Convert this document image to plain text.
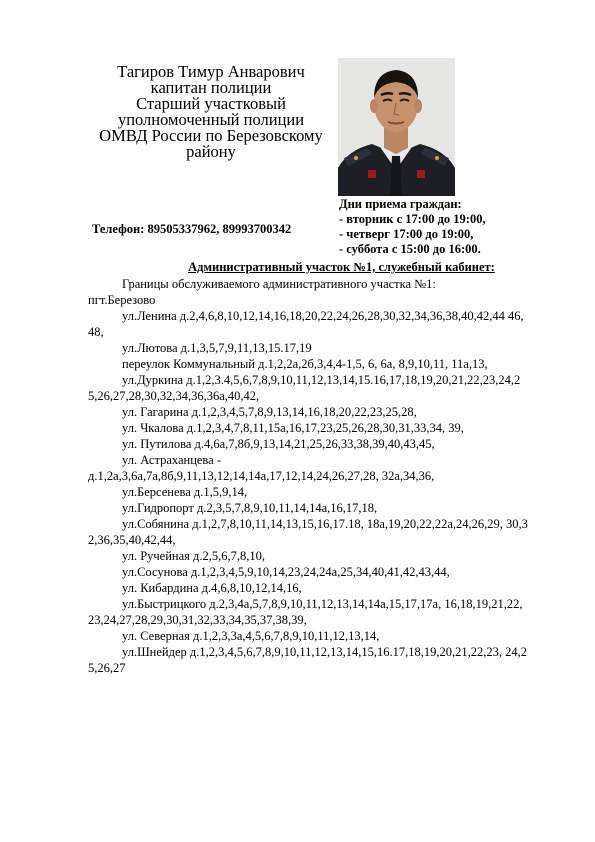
Тагиров Тимур Анварович
капитан полиции
Старший участковый
уполномоченный полиции
ОМВД России по Березовскому
району
Телефон: 89505337962, 89993700342
Дни приема граждан:
- вторник с 17:00 до 19:00,
- четверг 17:00 до 19:00,
- суббота с 15:00 до 16:00.
Административный участок №1, служебный кабинет:
Границы обслуживаемого административного участка №1:
пгт.Березово
ул.Ленина д.2,4,6,8,10,12,14,16,18,20,22,24,26,28,30,32,34,36,38,40,42,44 46,48,
ул.Лютова д.1,3,5,7,9,11,13,15.17,19
переулок Коммунальный д.1,2,2а,2б,3,4,4-1,5, 6, 6а, 8,9,10,11, 11а,13,
ул.Дуркина д.1,2,3.4,5,6,7,8,9,10,11,12,13,14,15.16,17,18,19,20,21,22,23,24,25,26,27,28,30,32,34,36,36а,40,42,
ул. Гагарина д.1,2,3,4,5,7,8,9,13,14,16,18,20,22,23,25,28,
ул. Чкалова д.1,2,3,4,7,8,11,15а,16,17,23,25,26,28,30,31,33,34, 39,
ул. Путилова д.4,6а,7,8б,9,13,14,21,25,26,33,38,39,40,43,45,
ул. Астраханцева -
д.1,2а,3,6а,7а,8б,9,11,13,12,14,14а,17,12,14,24,26,27,28, 32а,34,36,
ул.Берсенева д.1,5,9,14,
ул.Гидропорт д.2,3,5,7,8,9,10,11,14,14а,16,17,18,
ул.Собянина д.1,2,7,8,10,11,14,13,15,16,17.18, 18а,19,20,22,22а,24,26,29, 30,32,36,35,40,42,44,
ул. Ручейная д.2,5,6,7,8,10,
ул.Сосунова д.1,2,3,4,5,9,10,14,23,24,24а,25,34,40,41,42,43,44,
ул. Кибардина д.4,6,8,10,12,14,16,
ул.Быстрицкого д.2,3,4а,5,7,8,9,10,11,12,13,14,14а,15,17,17а, 16,18,19,21,22,23,24,27,28,29,30,31,32,33,34,35,37,38,39,
ул. Северная д.1,2,3,3а,4,5,6,7,8,9,10,11,12,13,14,
ул.Шнейдер д.1,2,3,4,5,6,7,8,9,10,11,12,13,14,15,16.17,18,19,20,21,22,23, 24,25,26,27
